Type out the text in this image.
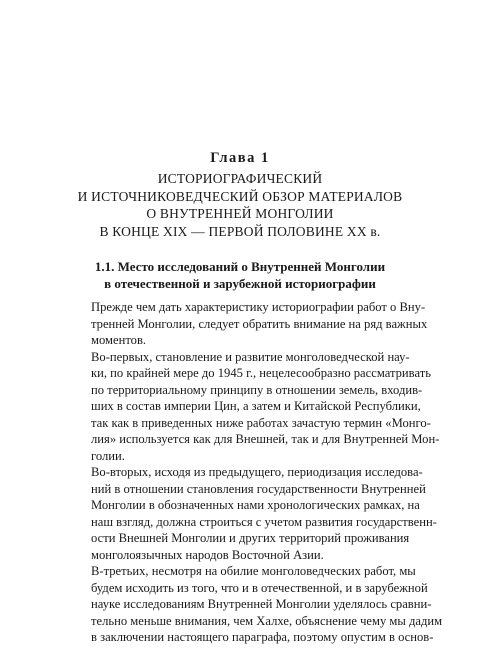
Глава 1
ИСТОРИОГРАФИЧЕСКИЙ
И ИСТОЧНИКОВЕДЧЕСКИЙ ОБЗОР МАТЕРИАЛОВ
О ВНУТРЕННЕЙ МОНГОЛИИ
В КОНЦЕ XIX — ПЕРВОЙ ПОЛОВИНЕ XX в.
1.1. Место исследований о Внутренней Монголии
в отечественной и зарубежной историографии
Прежде чем дать характеристику историографии работ о Вну-
тренней Монголии, следует обратить внимание на ряд важных
моментов.
Во-первых, становление и развитие монголоведческой нау-
ки, по крайней мере до 1945 г., нецелесообразно рассматривать
по территориальному принципу в отношении земель, входив-
ших в состав империи Цин, а затем и Китайской Республики,
так как в приведенных ниже работах зачастую термин «Монго-
лия» используется как для Внешней, так и для Внутренней Мон-
голии.
Во-вторых, исходя из предыдущего, периодизация исследова-
ний в отношении становления государственности Внутренней
Монголии в обозначенных нами хронологических рамках, на
наш взгляд, должна строиться с учетом развития государственн-
ости Внешней Монголии и других территорий проживания
монголоязычных народов Восточной Азии.
В-третьих, несмотря на обилие монголоведческих работ, мы
будем исходить из того, что и в отечественной, и в зарубежной
науке исследованиям Внутренней Монголии уделялось сравни-
тельно меньше внимания, чем Халхе, объяснение чему мы дадим
в заключении настоящего параграфа, поэтому опустим в основ-
